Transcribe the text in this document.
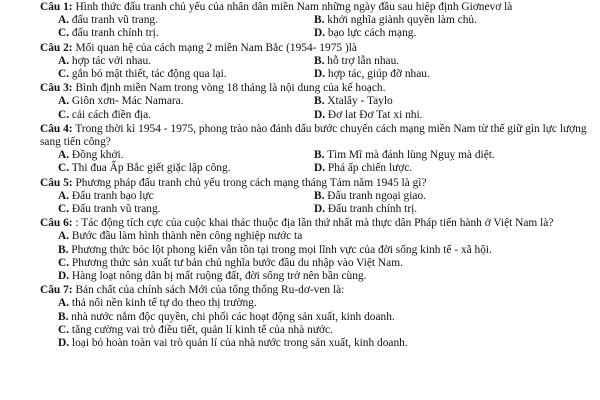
Câu 1: Hình thức đấu tranh chủ yếu của nhân dân miền Nam những ngày đầu sau hiệp định Giơnevơ là

A. đấu tranh vũ trang.	B. khởi nghĩa giành quyền làm chủ.
C. đấu tranh chính trị.	D. bạo lực cách mạng.

Câu 2: Mối quan hệ của cách mạng 2 miền Nam Bắc (1954- 1975 )là

A. hợp tác với nhau.	B. hỗ trợ lẫn nhau.
C. gắn bó mật thiết, tác động qua lại.	D. hợp tác, giúp đỡ nhau.

Câu 3: Bình định miền Nam trong vòng 18 tháng là nội dung của kế hoạch.

A. Giôn xơn- Mác Namara.	B. Xtalây - Taylo
C. cải cách điền địa.	D. Đơ lat Đơ Tat xi nhi.

Câu 4: Trong thời kì 1954 - 1975, phong trào nào đánh dấu bước chuyển cách mạng miền Nam từ thế giữ gìn lực lượng sang tiến công?

A. Đồng khởi.	B. Tìm Mĩ mà đánh lùng Nguỵ mà diệt.
C. Thi đua Ấp Bắc giết giặc lập công.	D. Phá ấp chiến lược.

Câu 5: Phương pháp đấu tranh chủ yếu trong cách mạng tháng Tám năm 1945 là gì?

A. Đấu tranh bạo lực	B. Đấu tranh ngoại giao.
C. Đấu tranh vũ trang.	D. Đấu tranh chính trị.

Câu 6: : Tác động tích cực của cuộc khai thác thuộc địa lần thứ nhất mà thực dân Pháp tiến hành ở Việt Nam là?

A. Bước đầu làm hình thành nền công nghiệp nước ta

B. Phương thức bóc lột phong kiến vẫn tồn tại trong mọi lĩnh vực của đời sống kinh tế - xã hội.

C. Phương thức sản xuất tư bản chủ nghĩa bước đầu du nhập vào Việt Nam.

D. Hàng loạt nông dân bị mất ruộng đất, đời sống trở nên bần cùng.

Câu 7: Bản chất của chính sách Mới của tổng thống Ru-dơ-ven là:

A. thả nổi nền kinh tế tự do theo thị trường.

B. nhà nước nắm độc quyền, chi phối các hoạt động sản xuất, kinh doanh.

C. tăng cường vai trò điều tiết, quản lí kinh tế của nhà nước.

D. loại bỏ hoàn toàn vai trò quản lí của nhà nước trong sản xuất, kinh doanh.
